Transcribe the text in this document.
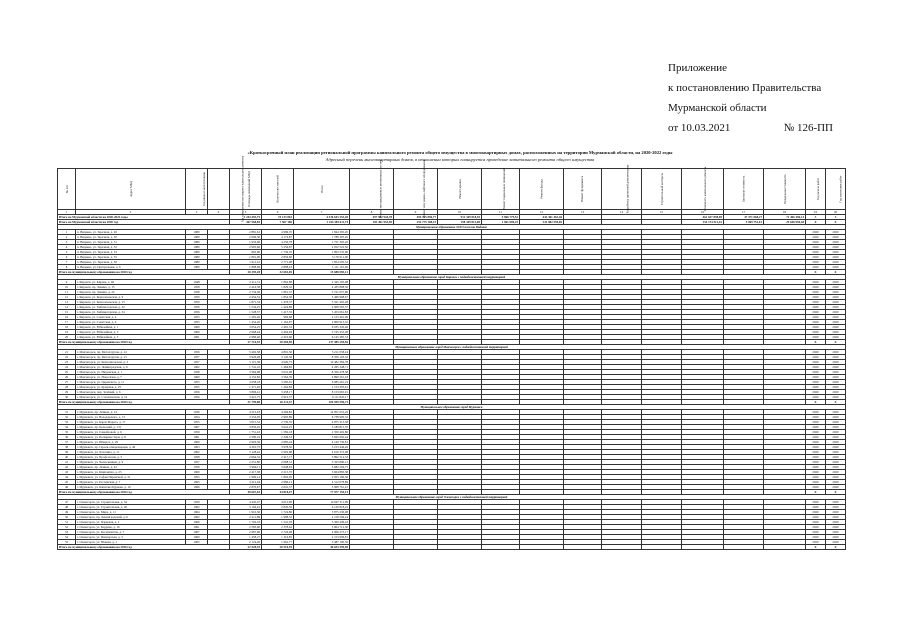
Приложение
к постановлению Правительства
Мурманской области
от 10.03.2021	№ 126-ПП
«Краткосрочный план реализации региональной программы капитального ремонта общего имущества в многоквартирных домах, расположенных на территории Мурманской области, на 2020-2022 годы
Адресный перечень многоквартирных домов, в отношении которых планируется проведение капитального ремонта общего имущества
№ п/п	Адрес МКД	Год ввода в эксплуатацию	Год завершения последнего капитального ремонта	Площадь помещений МКД	Количество жителей	Всего	Ремонт внутридомовых инженерных систем	Ремонт или замена лифтового оборудования	Ремонт крыши	Ремонт подвальных помещений	Ремонт фасада	Ремонт фундамента	Разработка проектной документации	Строительный контроль	Стоимость капитального ремонта	Удельная стоимость	Предельная стоимость	Год начала работ	Год окончания работ
1	2	3	4	5	6	7	8	9	10	11	12	13	14	15	16	17	18	19	20
Итого по Мурманской области на 2020-2022 годы				1 244 493,75	19 133 863	4 336 643 353,40	497 922 944,78	494 715 896,77	912 349 018,55	5 866 779,52	643 461 462,46				461 637 898,00	47 371 068,27	71 466 496,14	3	3
Итого по Мурманской области на 2020 год				367 968,85	7 567 186	1 244 385 011,74	183 461 953,90	252 775 108,31	198 349 013,00	1 061 006,25	241 882 559,06				154 174 512,16	5 069 751,61	29 646 994,38	X	X
Муниципальное образование ЗАТО поселок Видяево																			
1	п. Видяево, ул. Заречная, д. 26	1980		2 881,61	4 986,70	1 844 395,20												2020	2020
2	п. Видяево, ул. Заречная, д. 30	1980		2 096,30	4 174,87	1 788 395,20												2020	2020
3	п. Видяево, ул. Заречная, д. 31	1980		1 933,00	4 256,78	1 751 395,20												2020	2020
4	п. Видяево, ул. Заречная, д. 32	1980		2 905,60	5 256,87	2 052 522,50												2020	2020
5	п. Видяево, ул. Заречная, д. 33	1980		863,00	1 736,70	1 893 535,00												2020	2020
6	п. Видяево, ул. Заречная, д. 35	1980		1 801,00	2 856,60	3 170 011,00												2020	2020
7	п. Видяево, ул. Заречная, д. 36	1980		1 611,01	2 771,08	1 854 505,52												2020	2020
8	п. Видяево, ул. Центральная, д. 6	1980		1 808,06	2 808,43	1 111 191,00												2020	2020
Итого по муниципальному образованию на 2020 год				20 395,28	32 681,69	15 688 085,12												X	X
Муниципальное образование город Кировск с подведомственной территорией																			
9	г. Кировск, ул. Кирова, д. 46	1948		2 411,51	1 862,88	2 345 105,98												2020	2020
10	г. Кировск, пр. Ленина, д. 15	1958		2 416,38	1 829,32	4 435 898,50												2020	2020
11	г. Кировск, пр. Ленина, д. 24	1958		2 734,36	1 861,37	3 721 657,86												2020	2020
12	г. Кировск, ул. Комсомольская, д. 9	1950		2 454,52	1 854,30	5 466 968,67												2020	2020
13	г. Кировск, ул. Комсомольская, д. 15	1950		1 871,34	1 476,37	3 321 405,28												2020	2020
14	г. Кировск, ул. Хибиногорская, д. 32	1956		1 534,25	1 424,89	2 908 565,57												2020	2020
15	г. Кировск, ул. Хибиногорская, д. 34	1956		1 528,37	1 417,55	3 453 661,83												2020	2020
16	г. Кировск, ул. Советская, д. 4	1955		1 281,26	982,68	2 153 401,00												2020	2020
17	г. Кировск, ул. Советская, д. 6	1955		1 454,26	1 162,97	2 800 913,10												2020	2020
18	г. Кировск, ул. Юбилейная, д. 1	1960		3 054,25	2 481,33	6 035 345,46												2020	2020
19	г. Кировск, ул. Юбилейная, д. 3	1960		2 968,44	2 404,94	5 745 453,28												2020	2020
20	г. Кировск, ул. Юбилейная, д. 5	1961		2 986,40	2 410,60	6 145 485,33												2020	2020
Итого по муниципальному образованию на 2020 год				27 716,55	20 569,90	137 485 294,56												X	X
Муниципальное образование город Мончегорск с подведомственной территорией																			
21	г. Мончегорск, пр. Металлургов, д. 12	1956		5 402,38	4 891,30	5 211 058,24												2020	2020
22	г. Мончегорск, пр. Металлургов, д. 15	1957		3 920,28	3 145,36	8 356 193,32												2020	2020
23	г. Мончегорск, ул. Комсомольская, д. 3	1957		5 115,38	4 920,75	10 482 384,78												2020	2020
24	г. Мончегорск, ул. Ленинградская, д. 6	1962		1 741,10	1 484,85	4 265 348,71												2020	2020
25	г. Мончегорск, ул. Нюдовская, д. 1	1958		3 584,08	3 041,08	8 350 478,58												2020	2020
26	г. Мончегорск, ул. Новосёлов, д. 7	1960		4 152,82	3 564,39	4 890 261,18												2020	2020
27	г. Мончегорск, ул. Царевского, д. 11	1955		3 658,18	3 285,91	6 085 261,19												2020	2020
28	г. Мончегорск, ул. Кумужья, д. 25	1955		1 471,20	1 262,82	1 154 393,61												2020	2020
29	г. Мончегорск, пер. Зелёный, д. 6	1956		3 806,41	3 458,17	8 153 665,91												2020	2020
30	г. Мончегорск, ул. Стахановская, д. 14	1956		3 421,75	2 910,37	6 111 845,17												2020	2020
Итого по муниципальному образованию на 2020 год				31 799,88	26 311,57	106 599 596,73												X	X
Муниципальное образование город Мурманск																			
31	г. Мурманск, пр. Ленина, д. 14	1936		4 515,18	4 266,82	14 851 053,26												2020	2020
32	г. Мурманск, ул. Володарского, д. 13	1954		3 254,95	2 905,89	6 738 900,32												2020	2020
33	г. Мурманск, ул. Карла Маркса, д. 17	1955		3 015,52	2 730,35	4 875 313,58												2020	2020
34	г. Мурманск, пр. Кольский, д. 131	1967		3 850,45	3 641,25	3 189 815,70												2020	2020
35	г. Мурманск, ул. Самойловой, д. 6	1959		1 751,43	1 582,18	2 350 402,86												2020	2020
36	г. Мурманск, ул. Полярные Зори, д. 8	1961		2 580,19	2 346,53	3 845 602,44												2020	2020
37	г. Мурманск, ул. Шмидта, д. 29	1960		2 903,30	2 685,44	4 120 730,81												2020	2020
38	г. Мурманск, пр. Героев-североморцев, д. 46	1963		4 301,75	3 978,50	5 213 446,26												2020	2020
39	г. Мурманск, ул. Халатина, д. 11	1962		3 128,42	2 902,68	4 610 372,08												2020	2020
40	г. Мурманск, ул. Профсоюзов, д. 5	1958		2 664,32	2 417,17	3 892 514,33												2020	2020
41	г. Мурманск, ул. Челюскинцев, д. 9	1957		2 251,80	2 068,31	3 325 890,12												2020	2020
42	г. Мурманск, пр. Ленина, д. 42	1956		3 960,11	3 648,02	5 982 204,75												2020	2020
43	г. Мурманск, ул. Книповича, д. 23	1960		2 417,38	2 215,70	3 604 883,38												2020	2020
44	г. Мурманск, ул. Софьи Перовской, д. 31	1955		1 990,12	1 802,05	2 955 190,36												2020	2020
45	г. Мурманск, ул. Ростинская, д. 7	1965		3 212,04	2 986,21	4 512 078,89												2020	2020
46	г. Мурманск, ул. Капитана Буркова, д. 19	1966		2 870,67	2 641,37	3 908 761,01												2020	2020
Итого по муниципальному образованию на 2020 год				48 667,63	44 818,47	77 977 159,15												X	X
Муниципальное образование город Оленегорск с подведомственной территорией																			
47	г. Оленегорск, ул. Строительная, д. 34	1959		4 445,47	4 015,96	14 697 311,09												2020	2020
48	г. Оленегорск, ул. Строительная, д. 40	1962		3 104,22	2 845,56	6 120 818,22												2020	2020
49	г. Оленегорск, ул. Мира, д. 11	1964		1 910,36	1 724,80	3 875 230,08												2020	2020
50	г. Оленегорск, пр. Ленинградский, д. 6	1962		2 211,89	1 998,52	4 218 509,24												2020	2020
51	г. Оленегорск, ул. Парковая, д. 2	1966		1 702,18	1 541,03	3 309 446,43												2020	2020
52	г. Оленегорск, ул. Бардина, д. 16	1961		2 583,90	2 378,62	3 804 712,30												2020	2020
53	г. Оленегорск, ул. Космонавтов, д. 7	1967		2 987,66	2 726,48	4 906 275,17												2020	2020
54	г. Оленегорск, ул. Пионерская, д. 3	1960		1 458,27	1 316,85	2 213 906,81												2020	2020
55	г. Оленегорск, ул. Южная, д. 1	1965		2 124,40	1 962,77	3 487 190,56												2020	2020
Итого по муниципальному образованию на 2020 год				22 528,35	20 510,59	46 633 399,90												X	X
